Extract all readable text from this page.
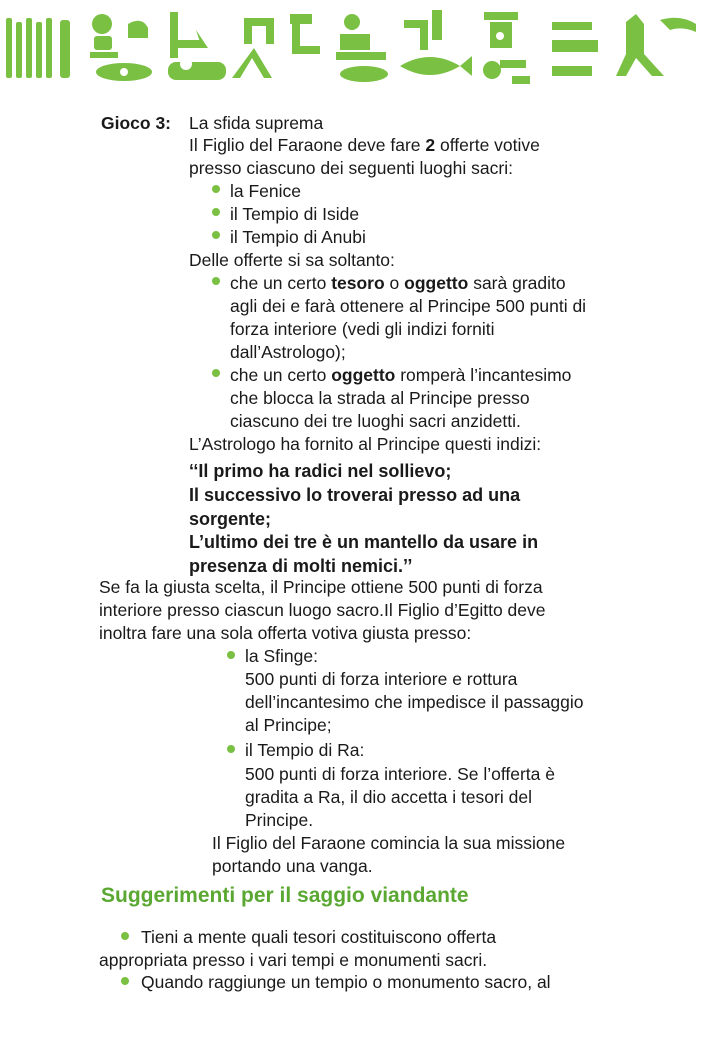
Gioco 3: La sfida suprema
Il Figlio del Faraone deve fare 2 offerte votive
presso ciascuno dei seguenti luoghi sacri:
la Fenice
il Tempio di Iside
il Tempio di Anubi
Delle offerte si sa soltanto:
che un certo tesoro o oggetto sarà gradito
agli dei e farà ottenere al Principe 500 punti di
forza interiore (vedi gli indizi forniti
dall’Astrologo);
che un certo oggetto romperà l’incantesimo
che blocca la strada al Principe presso
ciascuno dei tre luoghi sacri anzidetti.
L’Astrologo ha fornito al Principe questi indizi:
‘‘Il primo ha radici nel sollievo;
Il successivo lo troverai presso ad una
sorgente;
L’ultimo dei tre è un mantello da usare in
presenza di molti nemici.’’
Se fa la giusta scelta, il Principe ottiene 500 punti di forza
interiore presso ciascun luogo sacro.Il Figlio d’Egitto deve
inoltra fare una sola offerta votiva giusta presso:
la Sfinge:
500 punti di forza interiore e rottura
dell’incantesimo che impedisce il passaggio
al Principe;
il Tempio di Ra:
500 punti di forza interiore. Se l’offerta è
gradita a Ra, il dio accetta i tesori del
Principe.
Il Figlio del Faraone comincia la sua missione
portando una vanga.
Suggerimenti per il saggio viandante
Tieni a mente quali tesori costituiscono offerta
appropriata presso i vari tempi e monumenti sacri.
Quando raggiunge un tempio o monumento sacro, al
